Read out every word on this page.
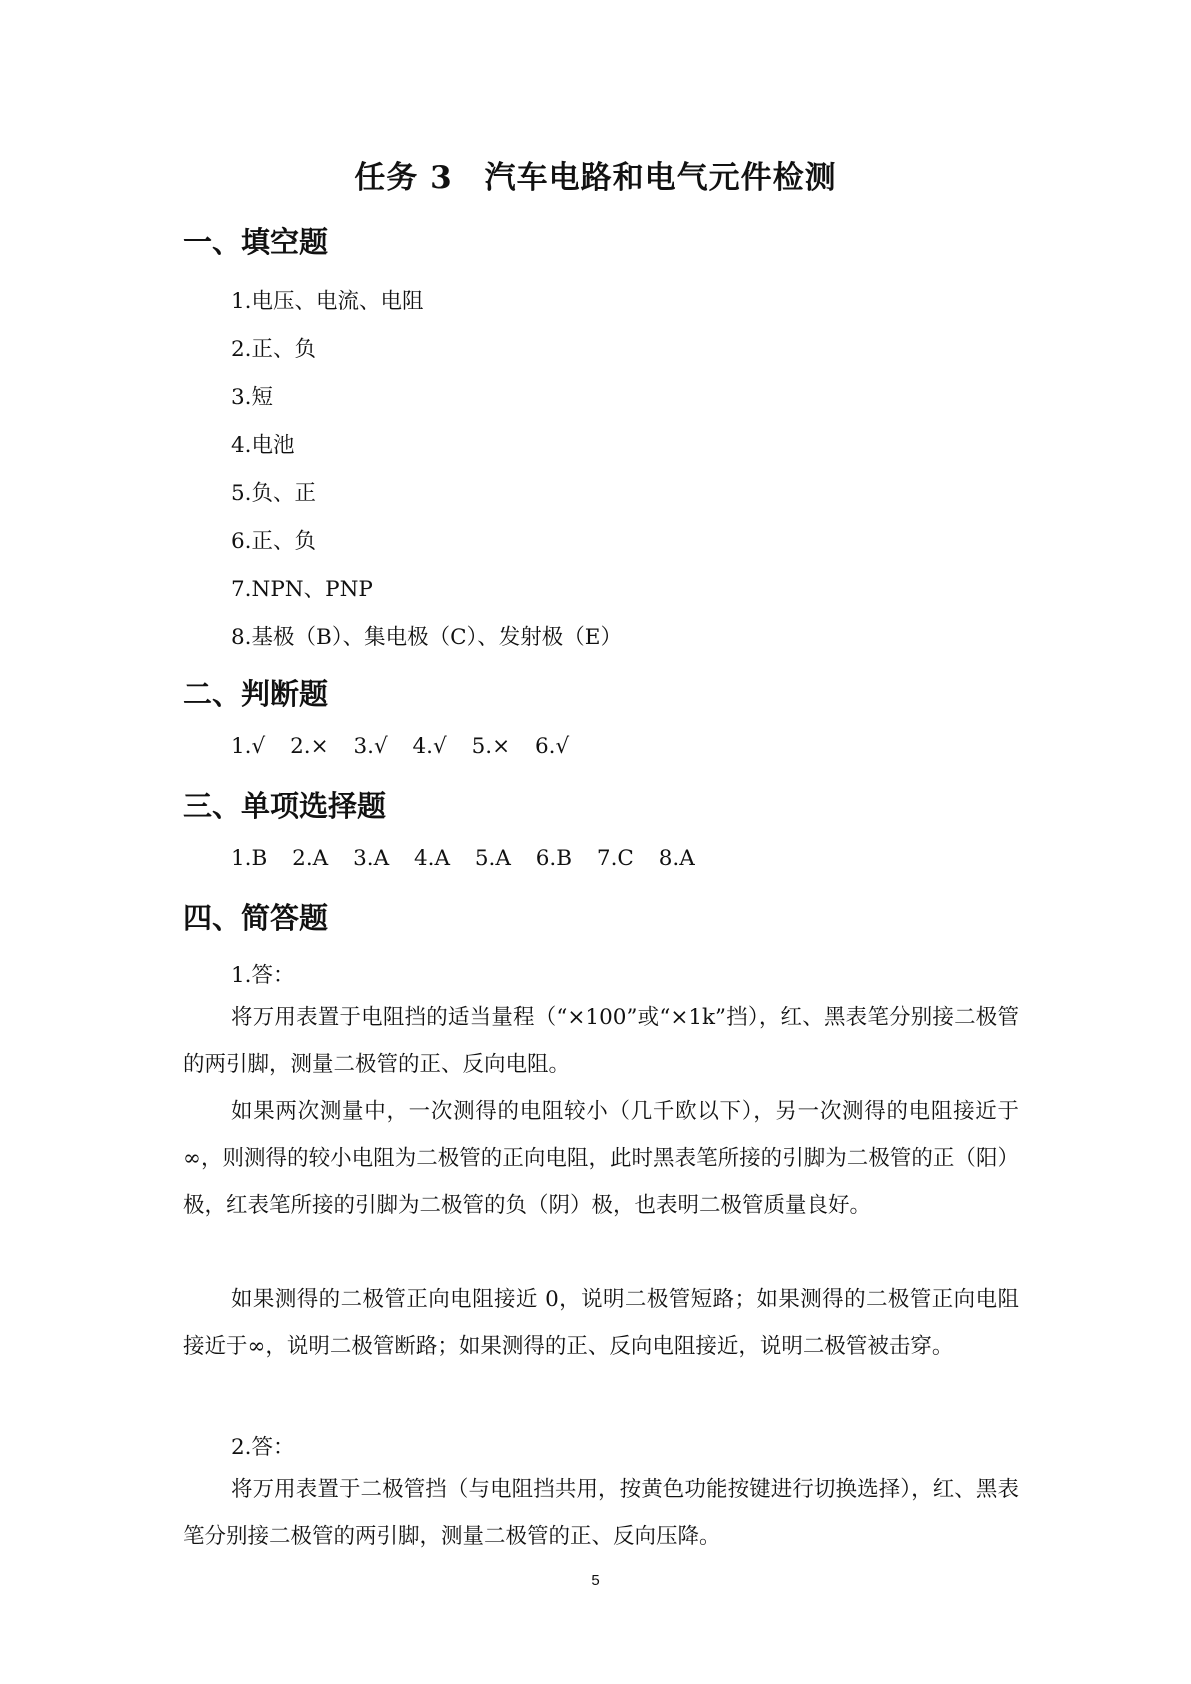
任务 3　汽车电路和电气元件检测
一、填空题
1.电压、电流、电阻
2.正、负
3.短
4.电池
5.负、正
6.正、负
7.NPN、PNP
8.基极（B）、集电极（C）、发射极（E）
二、判断题
1.√ 2.× 3.√ 4.√ 5.× 6.√
三、单项选择题
1.B 2.A 3.A 4.A 5.A 6.B 7.C 8.A
四、简答题
1.答：

将万用表置于电阻挡的适当量程（“×100”或“×1k”挡），红、黑表笔分别接二极管的两引脚，测量二极管的正、反向电阻。

如果两次测量中，一次测得的电阻较小（几千欧以下），另一次测得的电阻接近于∞，则测得的较小电阻为二极管的正向电阻，此时黑表笔所接的引脚为二极管的正（阳）极，红表笔所接的引脚为二极管的负（阴）极，也表明二极管质量良好。

如果测得的二极管正向电阻接近 0，说明二极管短路；如果测得的二极管正向电阻接近于∞，说明二极管断路；如果测得的正、反向电阻接近，说明二极管被击穿。

2.答：

将万用表置于二极管挡（与电阻挡共用，按黄色功能按键进行切换选择），红、黑表笔分别接二极管的两引脚，测量二极管的正、反向压降。

5
